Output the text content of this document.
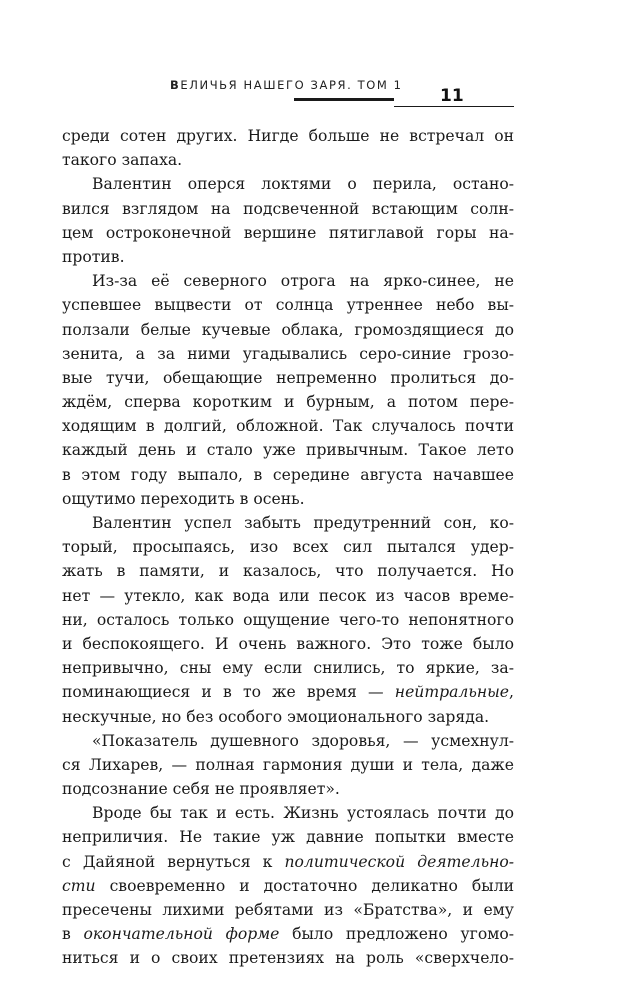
ВЕЛИЧЬЯ НАШЕГО ЗАРЯ. ТОМ 1
11
среди сотен других. Нигде больше не встречал он
такого запаха.
Валентин оперся локтями о перила, остано-
вился взглядом на подсвеченной встающим солн-
цем остроконечной вершине пятиглавой горы на-
против.
Из-за её северного отрога на ярко-синее, не
успевшее выцвести от солнца утреннее небо вы-
ползали белые кучевые облака, громоздящиеся до
зенита, а за ними угадывались серо-синие грозо-
вые тучи, обещающие непременно пролиться до-
ждём, сперва коротким и бурным, а потом пере-
ходящим в долгий, обложной. Так случалось почти
каждый день и стало уже привычным. Такое лето
в этом году выпало, в середине августа начавшее
ощутимо переходить в осень.
Валентин успел забыть предутренний сон, ко-
торый, просыпаясь, изо всех сил пытался удер-
жать в памяти, и казалось, что получается. Но
нет — утекло, как вода или песок из часов време-
ни, осталось только ощущение чего-то непонятного
и беспокоящего. И очень важного. Это тоже было
непривычно, сны ему если снились, то яркие, за-
поминающиеся и в то же время — нейтральные,
нескучные, но без особого эмоционального заряда.
«Показатель душевного здоровья, — усмехнул-
ся Лихарев, — полная гармония души и тела, даже
подсознание себя не проявляет».
Вроде бы так и есть. Жизнь устоялась почти до
неприличия. Не такие уж давние попытки вместе
с Дайяной вернуться к политической деятельно-
сти своевременно и достаточно деликатно были
пресечены лихими ребятами из «Братства», и ему
в окончательной форме было предложено угомо-
ниться и о своих претензиях на роль «сверхчело-
